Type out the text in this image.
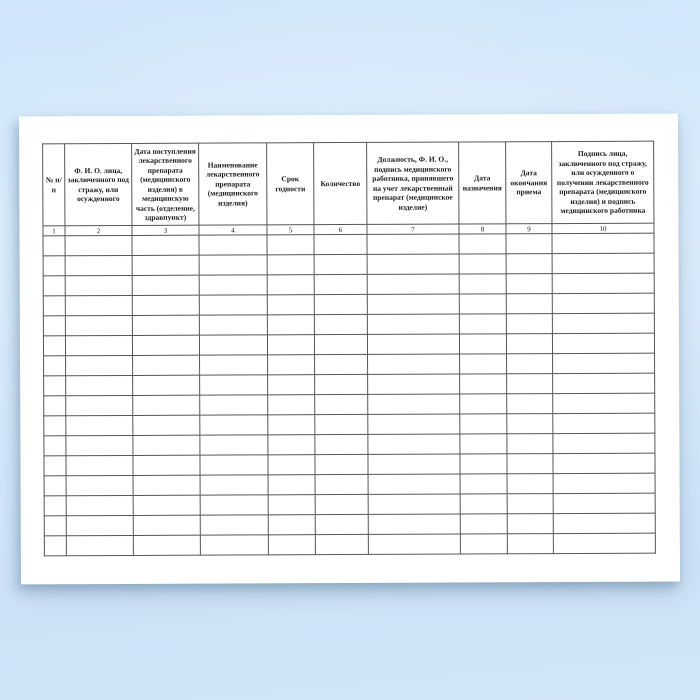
№ п/п	Ф. И. О. лица, заключенного под стражу, или осужденного	Дата поступления лекарственного препарата (медицинского изделия) в медицинскую часть (отделение, здравпункт)	Наименование лекарственного препарата (медицинского изделия)	Срок годности	Количество	Должность, Ф. И. О., подпись медицинского работника, принявшего на учет лекарственный препарат (медицинское изделие)	Дата назначения	Дата окончания приема	Подпись лица, заключенного под стражу, или осужденного о получении лекарственного препарата (медицинского изделия) и подпись медицинского работника
1	2	3	4	5	6	7	8	9	10
